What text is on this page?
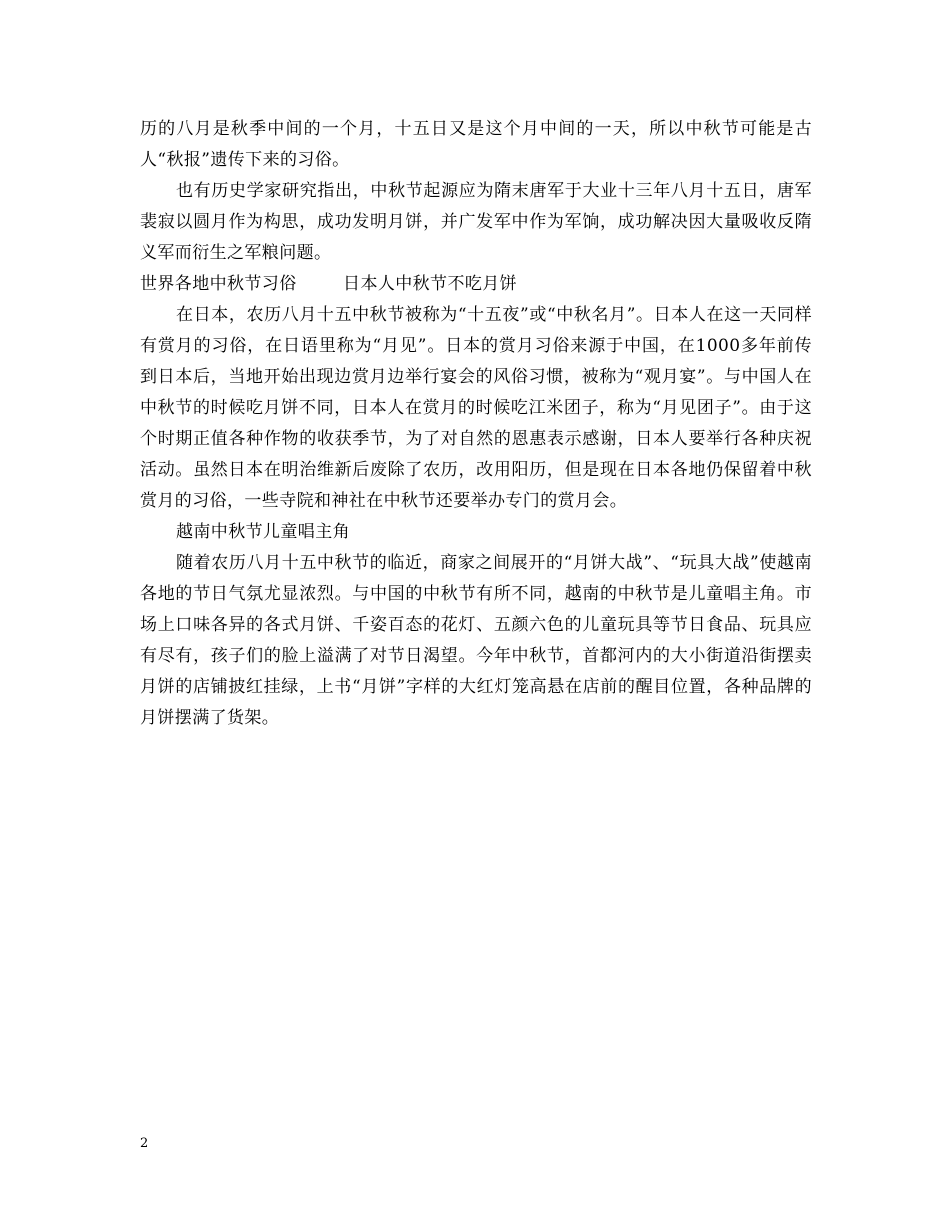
历的八月是秋季中间的一个月，十五日又是这个月中间的一天，所以中秋节可能是古人“秋报”遗传下来的习俗。

也有历史学家研究指出，中秋节起源应为隋末唐军于大业十三年八月十五日，唐军裴寂以圆月作为构思，成功发明月饼，并广发军中作为军饷，成功解决因大量吸收反隋义军而衍生之军粮问题。

世界各地中秋节习俗	日本人中秋节不吃月饼

在日本，农历八月十五中秋节被称为“十五夜”或“中秋名月”。日本人在这一天同样有赏月的习俗，在日语里称为“月见”。日本的赏月习俗来源于中国，在1000多年前传到日本后，当地开始出现边赏月边举行宴会的风俗习惯，被称为“观月宴”。与中国人在中秋节的时候吃月饼不同，日本人在赏月的时候吃江米团子，称为“月见团子”。由于这个时期正值各种作物的收获季节，为了对自然的恩惠表示感谢，日本人要举行各种庆祝活动。虽然日本在明治维新后废除了农历，改用阳历，但是现在日本各地仍保留着中秋赏月的习俗，一些寺院和神社在中秋节还要举办专门的赏月会。

越南中秋节儿童唱主角

随着农历八月十五中秋节的临近，商家之间展开的“月饼大战”、“玩具大战”使越南各地的节日气氛尤显浓烈。与中国的中秋节有所不同，越南的中秋节是儿童唱主角。市场上口味各异的各式月饼、千姿百态的花灯、五颜六色的儿童玩具等节日食品、玩具应有尽有，孩子们的脸上溢满了对节日渴望。今年中秋节，首都河内的大小街道沿街摆卖月饼的店铺披红挂绿，上书“月饼”字样的大红灯笼高悬在店前的醒目位置，各种品牌的月饼摆满了货架。

2
